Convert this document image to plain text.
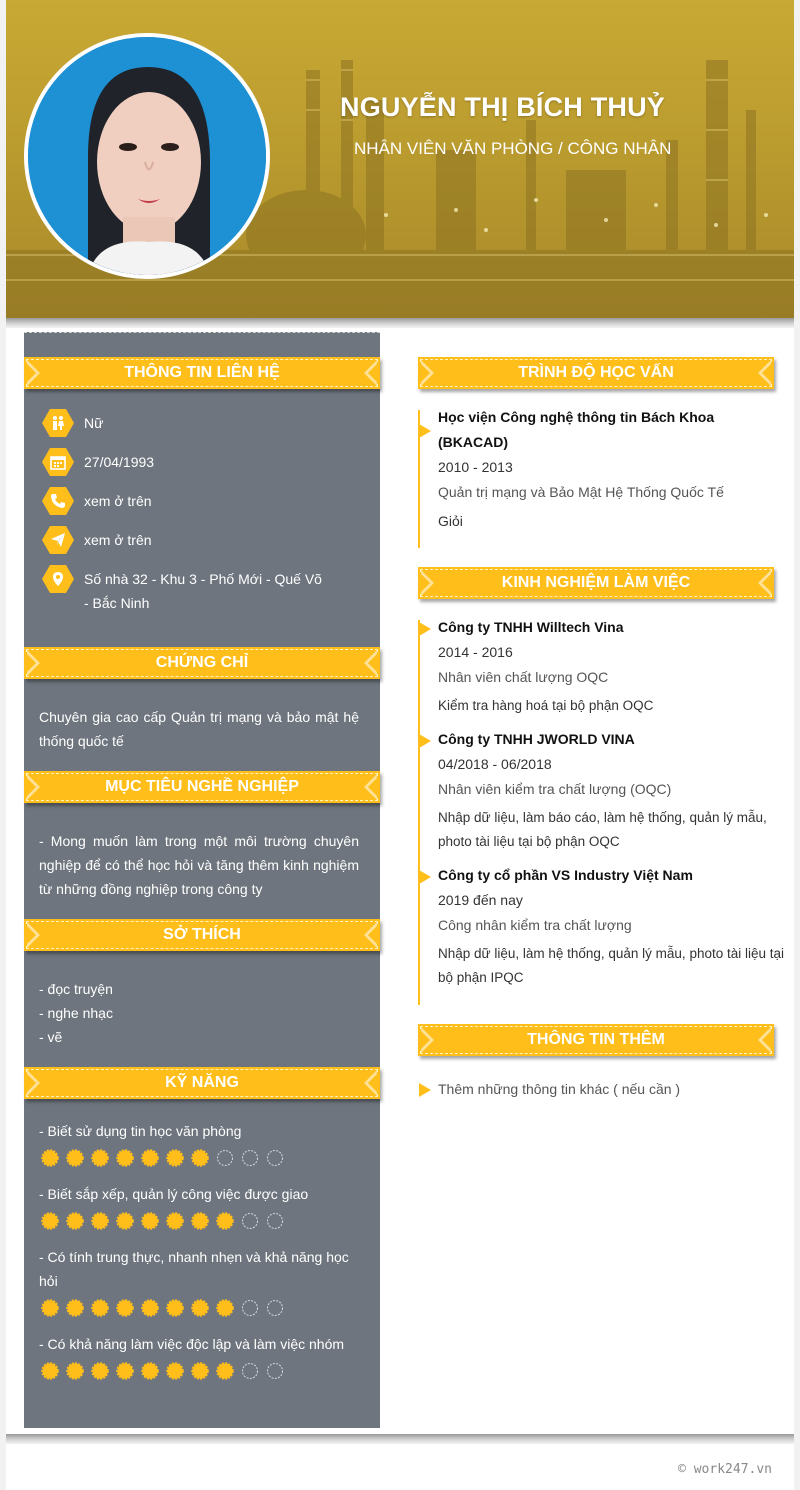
NGUYỄN THỊ BÍCH THUỶ
NHÂN VIÊN VĂN PHÒNG / CÔNG NHÂN
THÔNG TIN LIÊN HỆ
Nữ
27/04/1993
xem ở trên
xem ở trên
Số nhà 32 - Khu 3 - Phố Mới - Quế Võ - Bắc Ninh
CHỨNG CHỈ
Chuyên gia cao cấp Quản trị mạng và bảo mật hệ thống quốc tế
MỤC TIÊU NGHỀ NGHIỆP
- Mong muốn làm trong một môi trường chuyên nghiệp để có thể học hỏi và tăng thêm kinh nghiệm từ những đồng nghiệp trong công ty
SỞ THÍCH
- đọc truyện
- nghe nhạc
- vẽ
KỸ NĂNG
- Biết sử dụng tin học văn phòng
- Biết sắp xếp, quản lý công việc được giao
- Có tính trung thực, nhanh nhẹn và khả năng học hỏi
- Có khả năng làm việc độc lập và làm việc nhóm
TRÌNH ĐỘ HỌC VẤN
Học viện Công nghệ thông tin Bách Khoa (BKACAD)
2010 - 2013
Quản trị mạng và Bảo Mật Hệ Thống Quốc Tế
Giỏi
KINH NGHIỆM LÀM VIỆC
Công ty TNHH Willtech Vina
2014 - 2016
Nhân viên chất lượng OQC
Kiểm tra hàng hoá tại bộ phận OQC
Công ty TNHH JWORLD VINA
04/2018 - 06/2018
Nhân viên kiểm tra chất lượng (OQC)
Nhập dữ liệu, làm báo cáo, làm hệ thống, quản lý mẫu, photo tài liệu tại bộ phận OQC
Công ty cổ phần VS Industry Việt Nam
2019 đến nay
Công nhân kiểm tra chất lượng
Nhập dữ liệu, làm hệ thống, quản lý mẫu, photo tài liệu tại bộ phận IPQC
THÔNG TIN THÊM
Thêm những thông tin khác ( nếu cần )
© work247.vn
